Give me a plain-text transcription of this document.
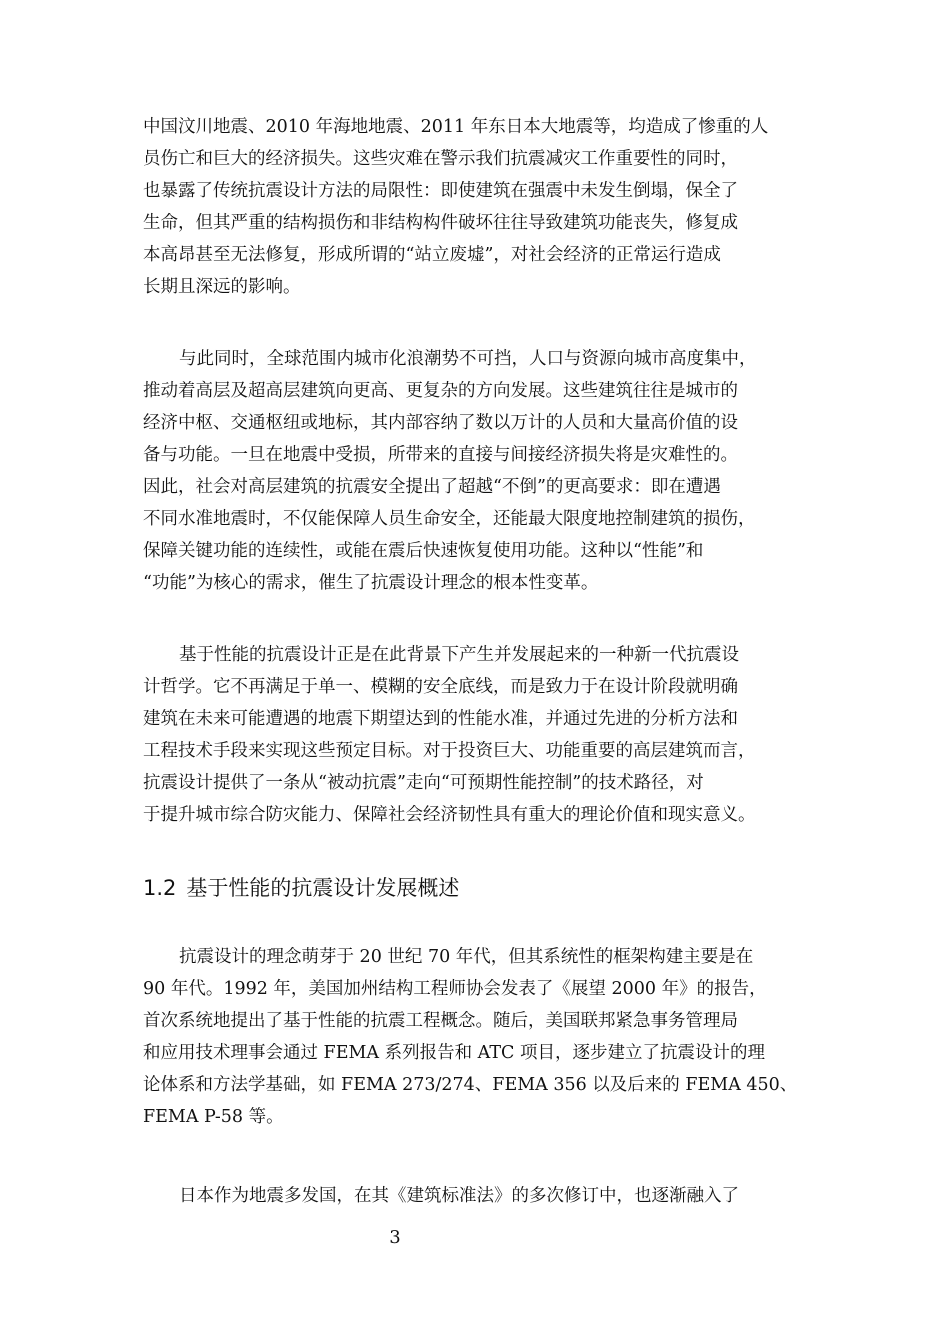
中国汶川地震、2010 年海地地震、2011 年东日本大地震等，均造成了惨重的人
员伤亡和巨大的经济损失。这些灾难在警示我们抗震减灾工作重要性的同时，
也暴露了传统抗震设计方法的局限性：即使建筑在强震中未发生倒塌，保全了
生命，但其严重的结构损伤和非结构构件破坏往往导致建筑功能丧失，修复成
本高昂甚至无法修复，形成所谓的“站立废墟”，对社会经济的正常运行造成
长期且深远的影响。
与此同时，全球范围内城市化浪潮势不可挡，人口与资源向城市高度集中，
推动着高层及超高层建筑向更高、更复杂的方向发展。这些建筑往往是城市的
经济中枢、交通枢纽或地标，其内部容纳了数以万计的人员和大量高价值的设
备与功能。一旦在地震中受损，所带来的直接与间接经济损失将是灾难性的。
因此，社会对高层建筑的抗震安全提出了超越“不倒”的更高要求：即在遭遇
不同水准地震时，不仅能保障人员生命安全，还能最大限度地控制建筑的损伤，
保障关键功能的连续性，或能在震后快速恢复使用功能。这种以“性能”和
“功能”为核心的需求，催生了抗震设计理念的根本性变革。
基于性能的抗震设计正是在此背景下产生并发展起来的一种新一代抗震设
计哲学。它不再满足于单一、模糊的安全底线，而是致力于在设计阶段就明确
建筑在未来可能遭遇的地震下期望达到的性能水准，并通过先进的分析方法和
工程技术手段来实现这些预定目标。对于投资巨大、功能重要的高层建筑而言，
抗震设计提供了一条从“被动抗震”走向“可预期性能控制”的技术路径，对
于提升城市综合防灾能力、保障社会经济韧性具有重大的理论价值和现实意义。
1.2 基于性能的抗震设计发展概述
抗震设计的理念萌芽于 20 世纪 70 年代，但其系统性的框架构建主要是在
90 年代。1992 年，美国加州结构工程师协会发表了《展望 2000 年》的报告，
首次系统地提出了基于性能的抗震工程概念。随后，美国联邦紧急事务管理局
和应用技术理事会通过 FEMA 系列报告和 ATC 项目，逐步建立了抗震设计的理
论体系和方法学基础，如 FEMA 273/274、FEMA 356 以及后来的 FEMA 450、
FEMA P-58 等。
日本作为地震多发国，在其《建筑标准法》的多次修订中，也逐渐融入了
3
